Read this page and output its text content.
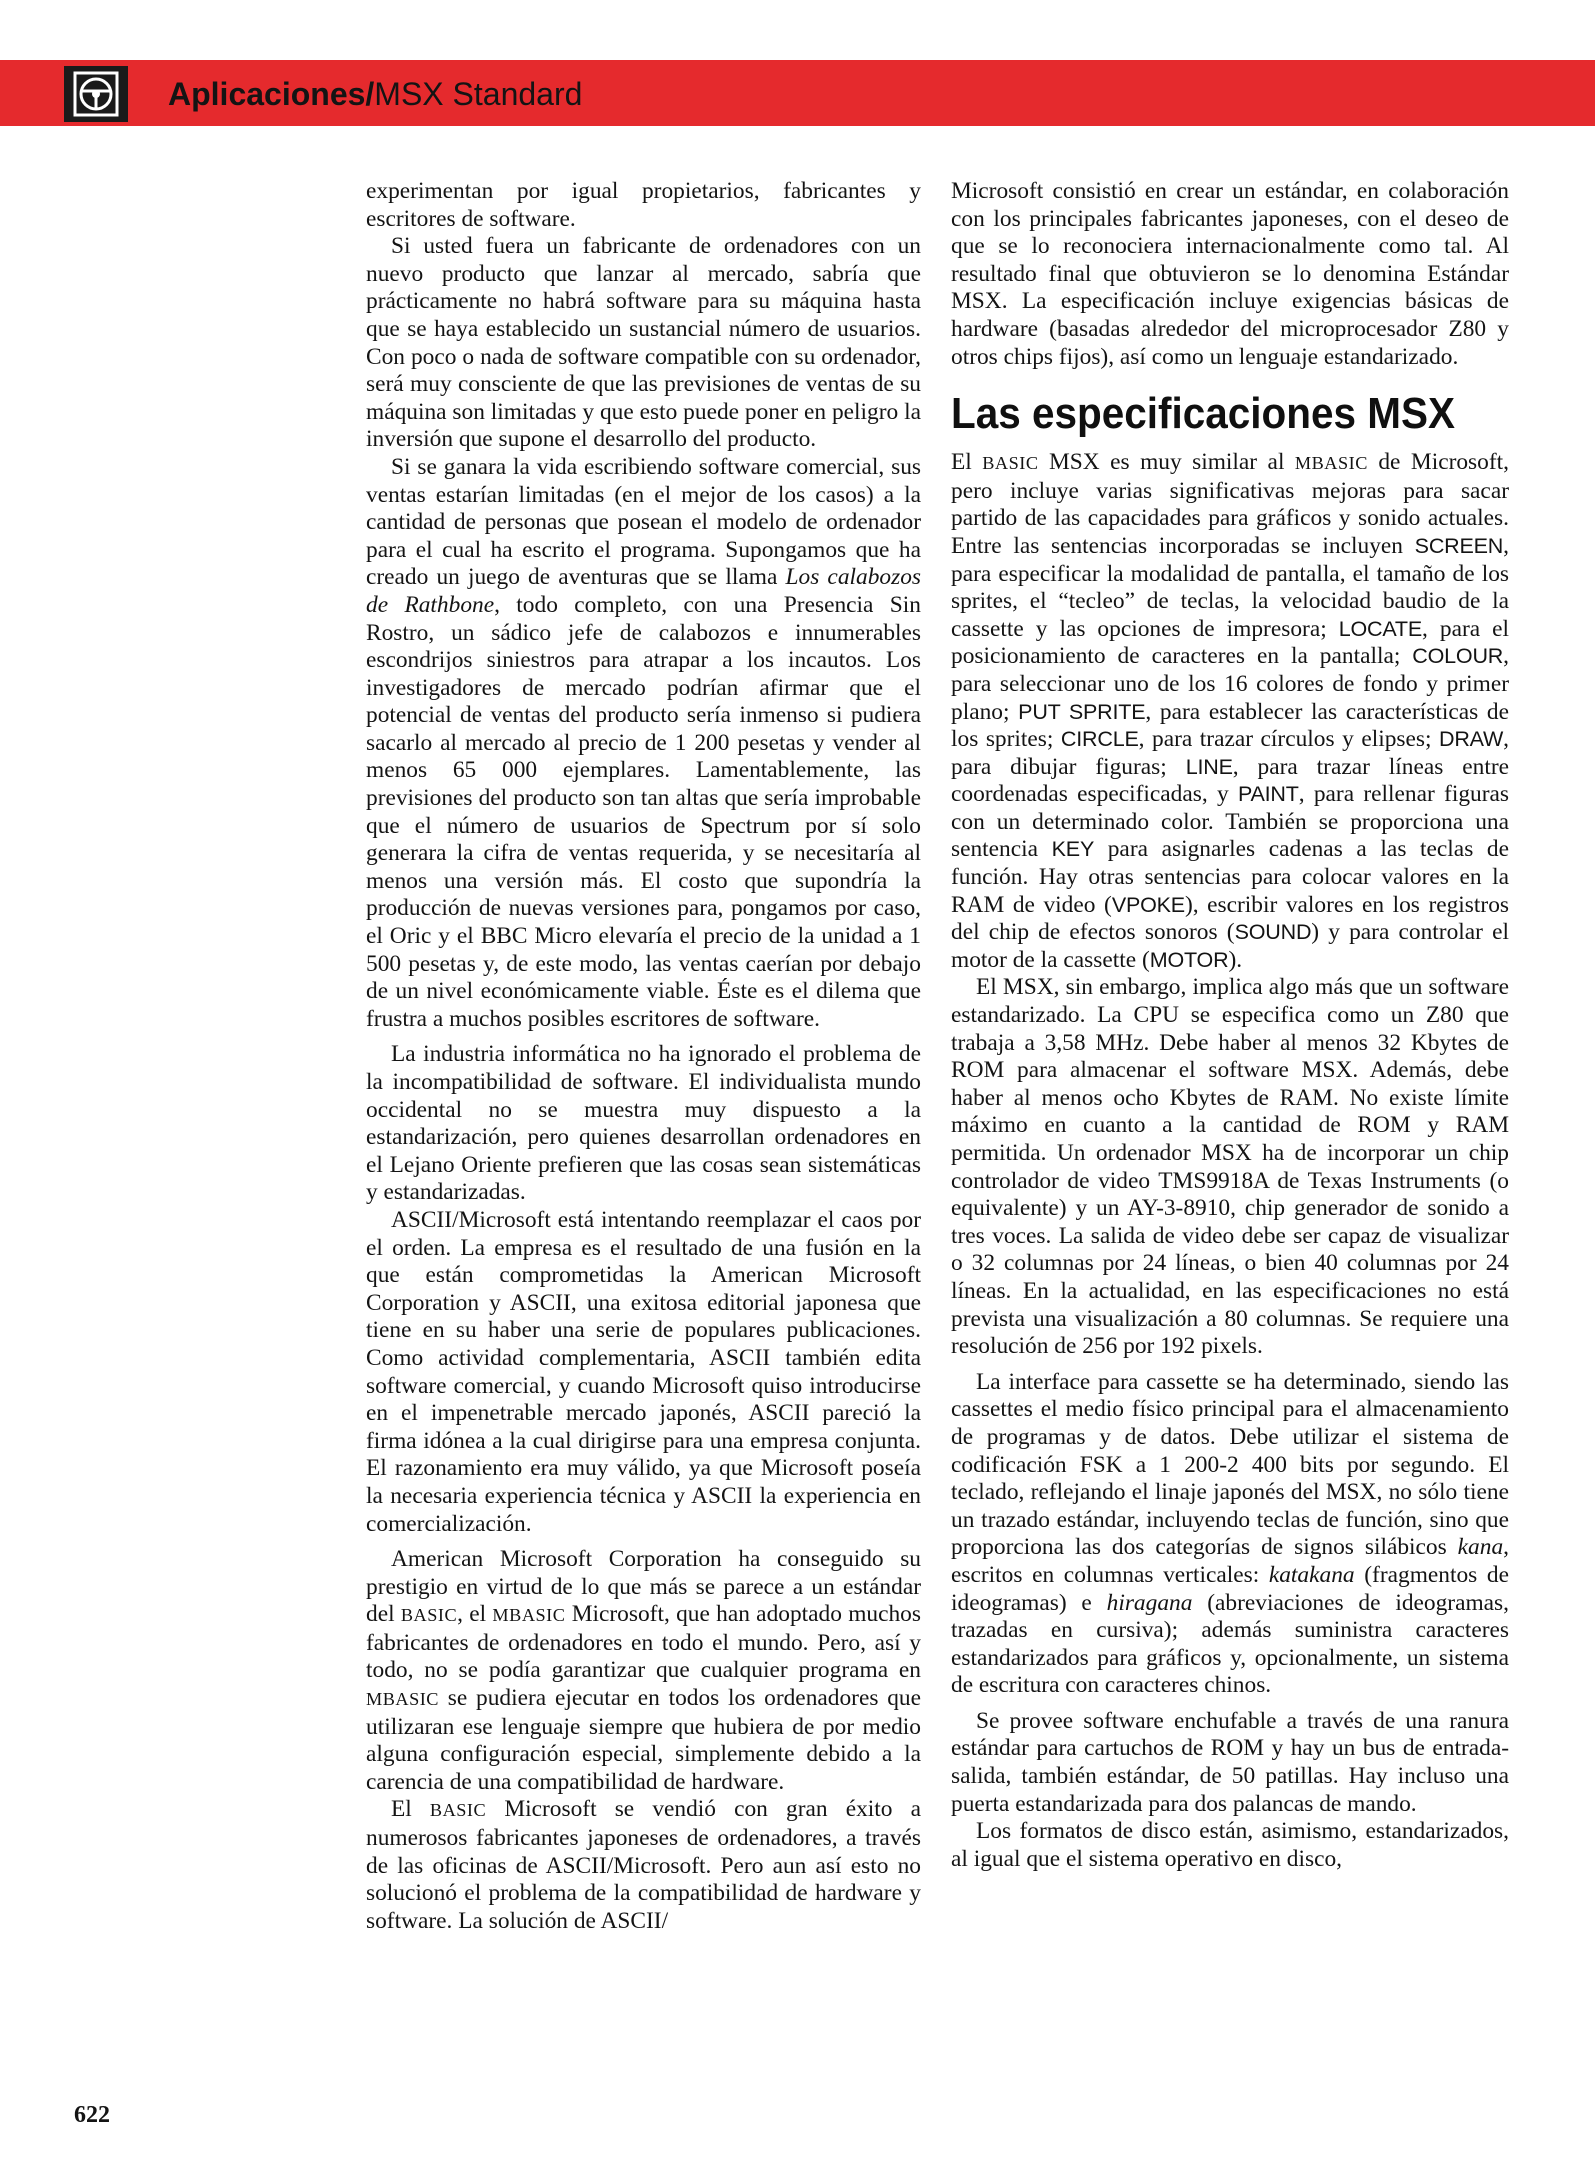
Aplicaciones/MSX Standard

experimentan por igual propietarios, fabricantes y escritores de software.

Si usted fuera un fabricante de ordenadores con un nuevo producto que lanzar al mercado, sabría que prácticamente no habrá software para su máquina hasta que se haya establecido un sustancial número de usuarios. Con poco o nada de software compatible con su ordenador, será muy consciente de que las previsiones de ventas de su máquina son limitadas y que esto puede poner en peligro la inversión que supone el desarrollo del producto.

Si se ganara la vida escribiendo software comercial, sus ventas estarían limitadas (en el mejor de los casos) a la cantidad de personas que posean el modelo de ordenador para el cual ha escrito el programa. Supongamos que ha creado un juego de aventuras que se llama Los calabozos de Rathbone, todo completo, con una Presencia Sin Rostro, un sádico jefe de calabozos e innumerables escondrijos siniestros para atrapar a los incautos. Los investigadores de mercado podrían afirmar que el potencial de ventas del producto sería inmenso si pudiera sacarlo al mercado al precio de 1 200 pesetas y vender al menos 65 000 ejemplares. Lamentablemente, las previsiones del producto son tan altas que sería improbable que el número de usuarios de Spectrum por sí solo generara la cifra de ventas requerida, y se necesitaría al menos una versión más. El costo que supondría la producción de nuevas versiones para, pongamos por caso, el Oric y el BBC Micro elevaría el precio de la unidad a 1 500 pesetas y, de este modo, las ventas caerían por debajo de un nivel económicamente viable. Éste es el dilema que frustra a muchos posibles escritores de software.

La industria informática no ha ignorado el problema de la incompatibilidad de software. El individualista mundo occidental no se muestra muy dispuesto a la estandarización, pero quienes desarrollan ordenadores en el Lejano Oriente prefieren que las cosas sean sistemáticas y estandarizadas.

ASCII/Microsoft está intentando reemplazar el caos por el orden. La empresa es el resultado de una fusión en la que están comprometidas la American Microsoft Corporation y ASCII, una exitosa editorial japonesa que tiene en su haber una serie de populares publicaciones. Como actividad complementaria, ASCII también edita software comercial, y cuando Microsoft quiso introducirse en el impenetrable mercado japonés, ASCII pareció la firma idónea a la cual dirigirse para una empresa conjunta. El razonamiento era muy válido, ya que Microsoft poseía la necesaria experiencia técnica y ASCII la experiencia en comercialización.

American Microsoft Corporation ha conseguido su prestigio en virtud de lo que más se parece a un estándar del BASIC, el MBASIC Microsoft, que han adoptado muchos fabricantes de ordenadores en todo el mundo. Pero, así y todo, no se podía garantizar que cualquier programa en MBASIC se pudiera ejecutar en todos los ordenadores que utilizaran ese lenguaje siempre que hubiera de por medio alguna configuración especial, simplemente debido a la carencia de una compatibilidad de hardware.

El BASIC Microsoft se vendió con gran éxito a numerosos fabricantes japoneses de ordenadores, a través de las oficinas de ASCII/Microsoft. Pero aun así esto no solucionó el problema de la compatibilidad de hardware y software. La solución de ASCII/

Microsoft consistió en crear un estándar, en colaboración con los principales fabricantes japoneses, con el deseo de que se lo reconociera internacionalmente como tal. Al resultado final que obtuvieron se lo denomina Estándar MSX. La especificación incluye exigencias básicas de hardware (basadas alrededor del microprocesador Z80 y otros chips fijos), así como un lenguaje estandarizado.

Las especificaciones MSX

El BASIC MSX es muy similar al MBASIC de Microsoft, pero incluye varias significativas mejoras para sacar partido de las capacidades para gráficos y sonido actuales. Entre las sentencias incorporadas se incluyen SCREEN, para especificar la modalidad de pantalla, el tamaño de los sprites, el “tecleo” de teclas, la velocidad baudio de la cassette y las opciones de impresora; LOCATE, para el posicionamiento de caracteres en la pantalla; COLOUR, para seleccionar uno de los 16 colores de fondo y primer plano; PUT SPRITE, para establecer las características de los sprites; CIRCLE, para trazar círculos y elipses; DRAW, para dibujar figuras; LINE, para trazar líneas entre coordenadas especificadas, y PAINT, para rellenar figuras con un determinado color. También se proporciona una sentencia KEY para asignarles cadenas a las teclas de función. Hay otras sentencias para colocar valores en la RAM de video (VPOKE), escribir valores en los registros del chip de efectos sonoros (SOUND) y para controlar el motor de la cassette (MOTOR).

El MSX, sin embargo, implica algo más que un software estandarizado. La CPU se especifica como un Z80 que trabaja a 3,58 MHz. Debe haber al menos 32 Kbytes de ROM para almacenar el software MSX. Además, debe haber al menos ocho Kbytes de RAM. No existe límite máximo en cuanto a la cantidad de ROM y RAM permitida. Un ordenador MSX ha de incorporar un chip controlador de video TMS9918A de Texas Instruments (o equivalente) y un AY-3-8910, chip generador de sonido a tres voces. La salida de video debe ser capaz de visualizar o 32 columnas por 24 líneas, o bien 40 columnas por 24 líneas. En la actualidad, en las especificaciones no está prevista una visualización a 80 columnas. Se requiere una resolución de 256 por 192 pixels.

La interface para cassette se ha determinado, siendo las cassettes el medio físico principal para el almacenamiento de programas y de datos. Debe utilizar el sistema de codificación FSK a 1 200-2 400 bits por segundo. El teclado, reflejando el linaje japonés del MSX, no sólo tiene un trazado estándar, incluyendo teclas de función, sino que proporciona las dos categorías de signos silábicos kana, escritos en columnas verticales: katakana (fragmentos de ideogramas) e hiragana (abreviaciones de ideogramas, trazadas en cursiva); además suministra caracteres estandarizados para gráficos y, opcionalmente, un sistema de escritura con caracteres chinos.

Se provee software enchufable a través de una ranura estándar para cartuchos de ROM y hay un bus de entrada-salida, también estándar, de 50 patillas. Hay incluso una puerta estandarizada para dos palancas de mando.

Los formatos de disco están, asimismo, estandarizados, al igual que el sistema operativo en disco,

622
